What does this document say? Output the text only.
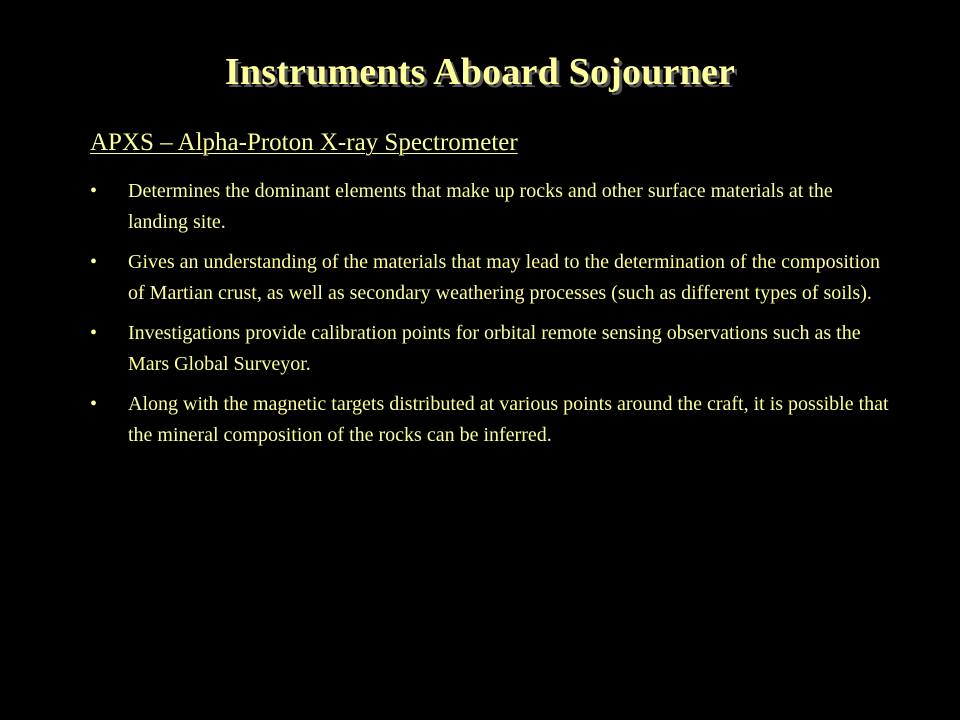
Instruments Aboard Sojourner
APXS – Alpha-Proton X-ray Spectrometer
•	Determines the dominant elements that make up rocks and other surface materials at the landing site.
•	Gives an understanding of the materials that may lead to the determination of the composition of Martian crust, as well as secondary weathering processes (such as different types of soils).
•	Investigations provide calibration points for orbital remote sensing observations such as the Mars Global Surveyor.
•	Along with the magnetic targets distributed at various points around the craft, it is possible that the mineral composition of the rocks can be inferred.
